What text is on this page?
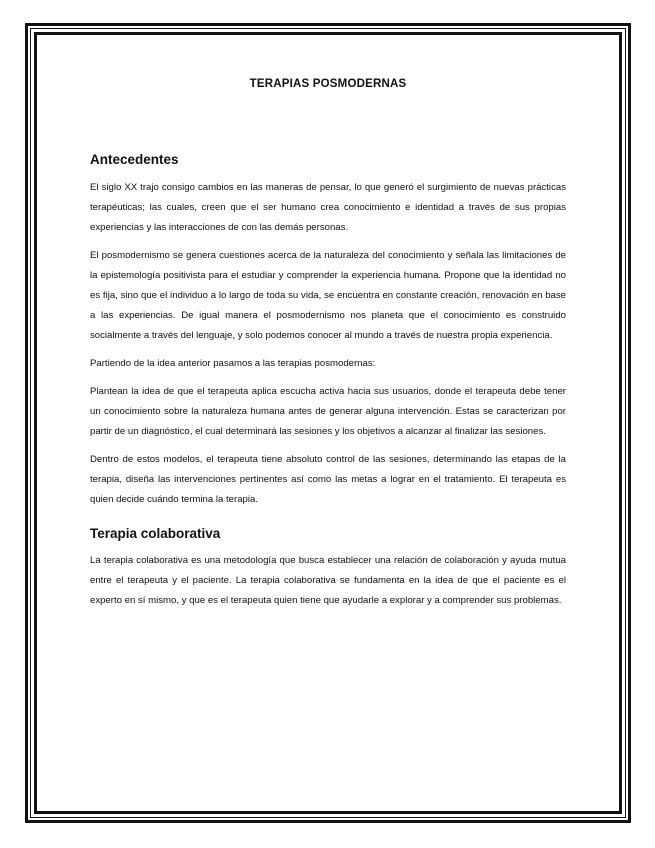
TERAPIAS POSMODERNAS
Antecedentes

El siglo XX trajo consigo cambios en las maneras de pensar, lo que generó el surgimiento de nuevas prácticas terapéuticas; las cuales, creen que el ser humano crea conocimiento e identidad a través de sus propias experiencias y las interacciones de con las demás personas.

El posmodernismo se genera cuestiones acerca de la naturaleza del conocimiento y señala las limitaciones de la epistemología positivista para el estudiar y comprender la experiencia humana. Propone que la identidad no es fija, sino que el individuo a lo largo de toda su vida, se encuentra en constante creación, renovación en base a las experiencias. De igual manera el posmodernismo nos planeta que el conocimiento es construido socialmente a través del lenguaje, y solo podemos conocer al mundo a través de nuestra propia experiencia.

Partiendo de la idea anterior pasamos a las terapias posmodernas:

Plantean la idea de que el terapeuta aplica escucha activa hacia sus usuarios, donde el terapeuta debe tener un conocimiento sobre la naturaleza humana antes de generar alguna intervención. Estas se caracterizan por partir de un diagnóstico, el cual determinará las sesiones y los objetivos a alcanzar al finalizar las sesiones.

Dentro de estos modelos, el terapeuta tiene absoluto control de las sesiones, determinando las etapas de la terapia, diseña las intervenciones pertinentes así como las metas a lograr en el tratamiento. El terapeuta es quien decide cuándo termina la terapia.

Terapia colaborativa

La terapia colaborativa es una metodología que busca establecer una relación de colaboración y ayuda mutua entre el terapeuta y el paciente. La terapia colaborativa se fundamenta en la idea de que el paciente es el experto en sí mismo, y que es el terapeuta quien tiene que ayudarle a explorar y a comprender sus problemas.
